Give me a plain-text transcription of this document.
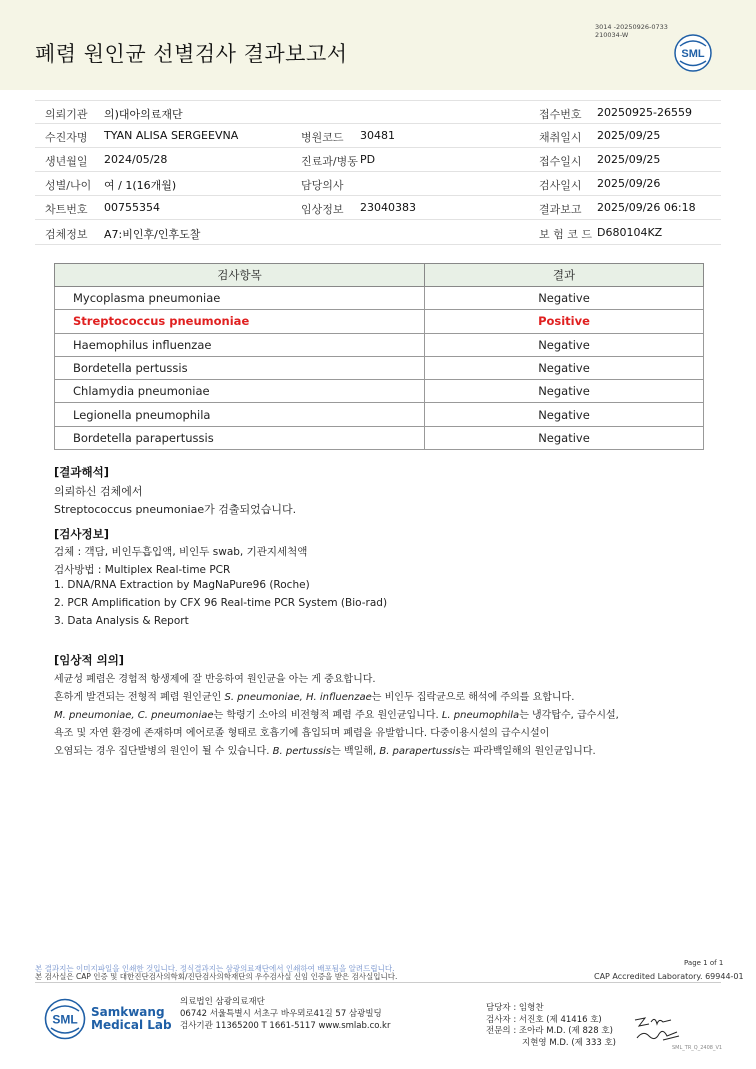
폐렴 원인균 선별검사 결과보고서
3014 -20250926-0733
210034-W
SML
의뢰기관 의)대아의료재단	접수번호 20250925-26559
수진자명 TYAN ALISA SERGEEVNA	병원코드 30481	채취일시 2025/09/25
생년월일 2024/05/28	진료과/병동 PD	접수일시 2025/09/25
성별/나이 여 / 1(16개월)	담당의사	검사일시 2025/09/26
차트번호 00755354	임상정보 23040383	결과보고 2025/09/26 06:18
검체정보 A7:비인후/인후도찰	보 험 코 드 D680104KZ
검사항목	결과
Mycoplasma pneumoniae	Negative
Streptococcus pneumoniae	Positive
Haemophilus influenzae	Negative
Bordetella pertussis	Negative
Chlamydia pneumoniae	Negative
Legionella pneumophila	Negative
Bordetella parapertussis	Negative
[결과해석]
의뢰하신 검체에서
Streptococcus pneumoniae가 검출되었습니다.
[검사정보]
검체 : 객담, 비인두흡입액, 비인두 swab, 기관지세척액
검사방법 : Multiplex Real-time PCR
1. DNA/RNA Extraction by MagNaPure96 (Roche)
2. PCR Amplification by CFX 96 Real-time PCR System (Bio-rad)
3. Data Analysis & Report
[임상적 의의]
세균성 폐렴은 경험적 항생제에 잘 반응하여 원인균을 아는 게 중요합니다.
흔하게 발견되는 전형적 폐렴 원인균인 S. pneumoniae, H. influenzae는 비인두 집락균으로 해석에 주의를 요합니다.
M. pneumoniae, C. pneumoniae는 학령기 소아의 비전형적 폐렴 주요 원인균입니다. L. pneumophila는 냉각탑수, 급수시설,
욕조 및 자연 환경에 존재하며 에어로졸 형태로 호흡기에 흡입되며 폐렴을 유발합니다. 다중이용시설의 급수시설이
오염되는 경우 집단발병의 원인이 될 수 있습니다. B. pertussis는 백일해, B. parapertussis는 파라백일해의 원인균입니다.
Page 1 of 1
본 결과지는 이미지파일을 인쇄한 것입니다. 정식결과지는 삼광의료재단에서 인쇄하여 배포됨을 알려드립니다.
본 검사실은 CAP 인증 및 대한진단검사의학회/진단검사의학재단의 우수검사실 신임 인증을 받은 검사실입니다.	CAP Accredited Laboratory. 69944-01
SML
Samkwang
Medical Lab
의료법인 삼광의료재단
06742 서울특별시 서초구 바우뫼로41길 57 삼광빌딩
검사기관 11365200 T 1661-5117 www.smlab.co.kr
담당자 : 임형찬
검사자 : 서진호 (제 41416 호)
전문의 : 조아라 M.D. (제 828 호)
지현영 M.D. (제 333 호)
SML_TR_Q_2408_V1
